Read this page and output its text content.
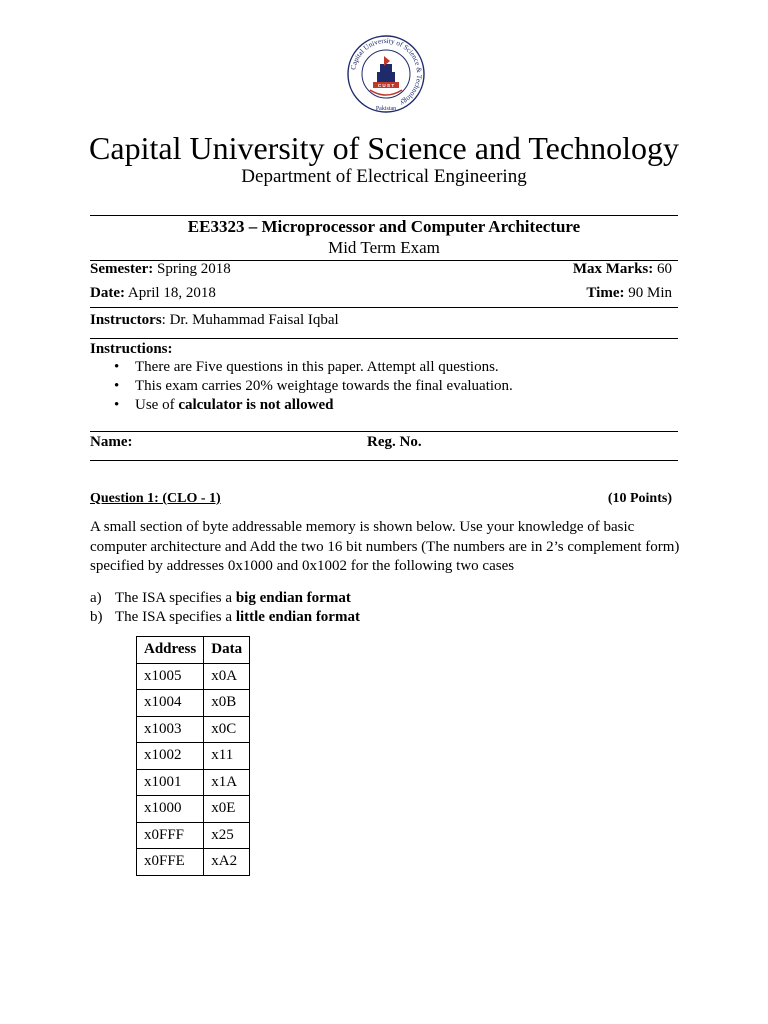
Capital University of Science & Technology
Pakistan
C U S T
Capital University of Science and Technology
Department of Electrical Engineering
EE3323 – Microprocessor and Computer Architecture
Mid Term Exam
Semester: Spring 2018	Max Marks: 60
Date: April 18, 2018	Time: 90 Min
Instructors : Dr. Muhammad Faisal Iqbal
Instructions:
• There are Five questions in this paper. Attempt all questions.
• This exam carries 20% weightage towards the final evaluation.
• Use of calculator is not allowed
Name:	Reg. No.
Question 1: (CLO - 1)	(10 Points)

A small section of byte addressable memory is shown below. Use your knowledge of basic computer architecture and Add the two 16 bit numbers (The numbers are in 2’s complement form) specified by addresses 0x1000 and 0x1002 for the following two cases

a) The ISA specifies a big endian format
b) The ISA specifies a little endian format
Address	Data
x1005	x0A
x1004	x0B
x1003	x0C
x1002	x11
x1001	x1A
x1000	x0E
x0FFF	x25
x0FFE	xA2
